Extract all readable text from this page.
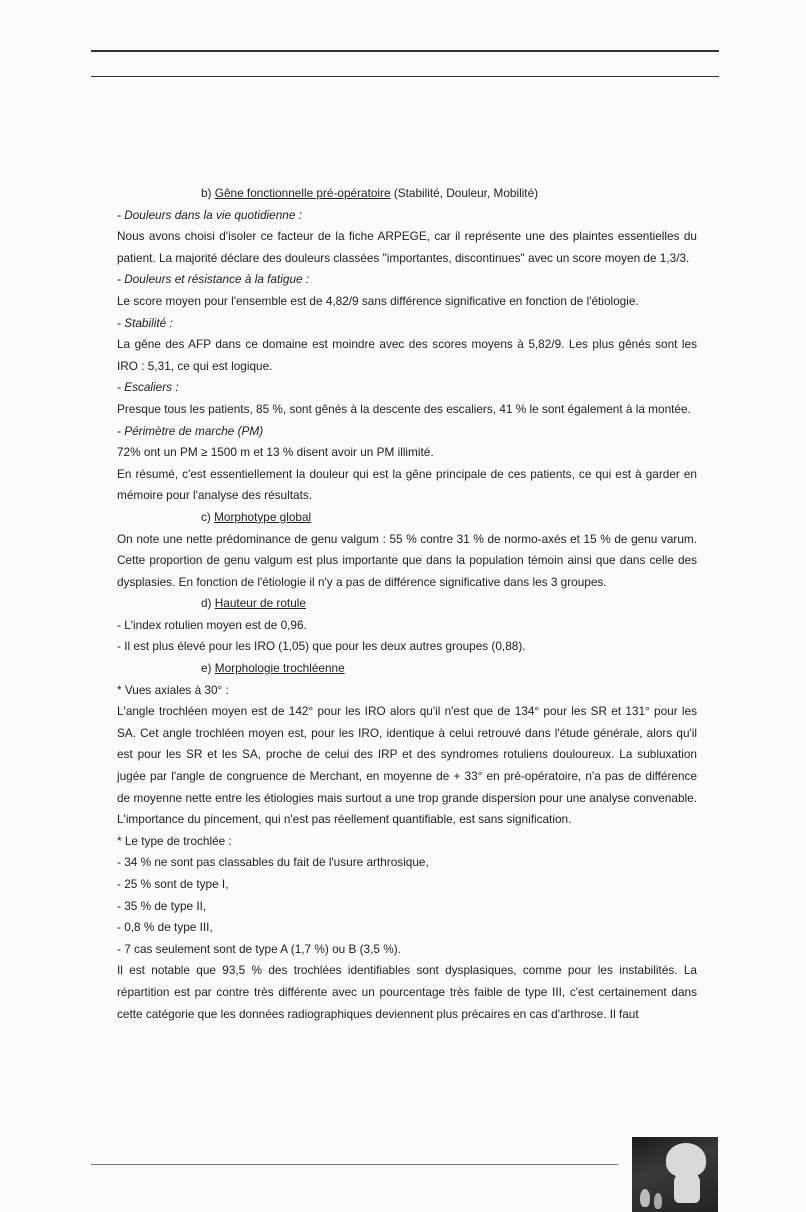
b) Gêne fonctionnelle pré-opératoire (Stabilité, Douleur, Mobilité)

- Douleurs dans la vie quotidienne :

Nous avons choisi d'isoler ce facteur de la fiche ARPEGE, car il représente une des plaintes essentielles du patient. La majorité déclare des douleurs classées "importantes, discontinues" avec un score moyen de 1,3/3.

- Douleurs et résistance à la fatigue :

Le score moyen pour l'ensemble est de 4,82/9 sans différence significative en fonction de l'étiologie.

- Stabilité :

La gêne des AFP dans ce domaine est moindre avec des scores moyens à 5,82/9. Les plus gênés sont les IRO : 5,31, ce qui est logique.

- Escaliers :

Presque tous les patients, 85 %, sont gênés à la descente des escaliers, 41 % le sont également à la montée.

- Périmètre de marche (PM)

72% ont un PM ≥ 1500 m et 13 % disent avoir un PM illimité.

En résumé, c'est essentiellement la douleur qui est la gêne principale de ces patients, ce qui est à garder en mémoire pour l'analyse des résultats.

c) Morphotype global

On note une nette prédominance de genu valgum : 55 % contre 31 % de normo-axés et 15 % de genu varum. Cette proportion de genu valgum est plus importante que dans la population témoin ainsi que dans celle des dysplasies. En fonction de l'étiologie il n'y a pas de différence significative dans les 3 groupes.

d) Hauteur de rotule

- L'index rotulien moyen est de 0,96.

- Il est plus élevé pour les IRO (1,05) que pour les deux autres groupes (0,88).

e) Morphologie trochléenne

* Vues axiales à 30° :

L'angle trochléen moyen est de 142° pour les IRO alors qu'il n'est que de 134° pour les SR et 131° pour les SA. Cet angle trochléen moyen est, pour les IRO, identique à celui retrouvé dans l'étude générale, alors qu'il est pour les SR et les SA, proche de celui des IRP et des syndromes rotuliens douloureux. La subluxation jugée par l'angle de congruence de Merchant, en moyenne de + 33° en pré-opératoire, n'a pas de différence de moyenne nette entre les étiologies mais surtout a une trop grande dispersion pour une analyse convenable. L'importance du pincement, qui n'est pas réellement quantifiable, est sans signification.

* Le type de trochlée :

- 34 % ne sont pas classables du fait de l'usure arthrosique,

- 25 % sont de type I,

- 35 % de type II,

- 0,8 % de type III,

- 7 cas seulement sont de type A (1,7 %) ou B (3,5 %).

Il est notable que 93,5 % des trochlées identifiables sont dysplasiques, comme pour les instabilités. La répartition est par contre très différente avec un pourcentage très faible de type III, c'est certainement dans cette catégorie que les données radiographiques deviennent plus précaires en cas d'arthrose. Il faut
